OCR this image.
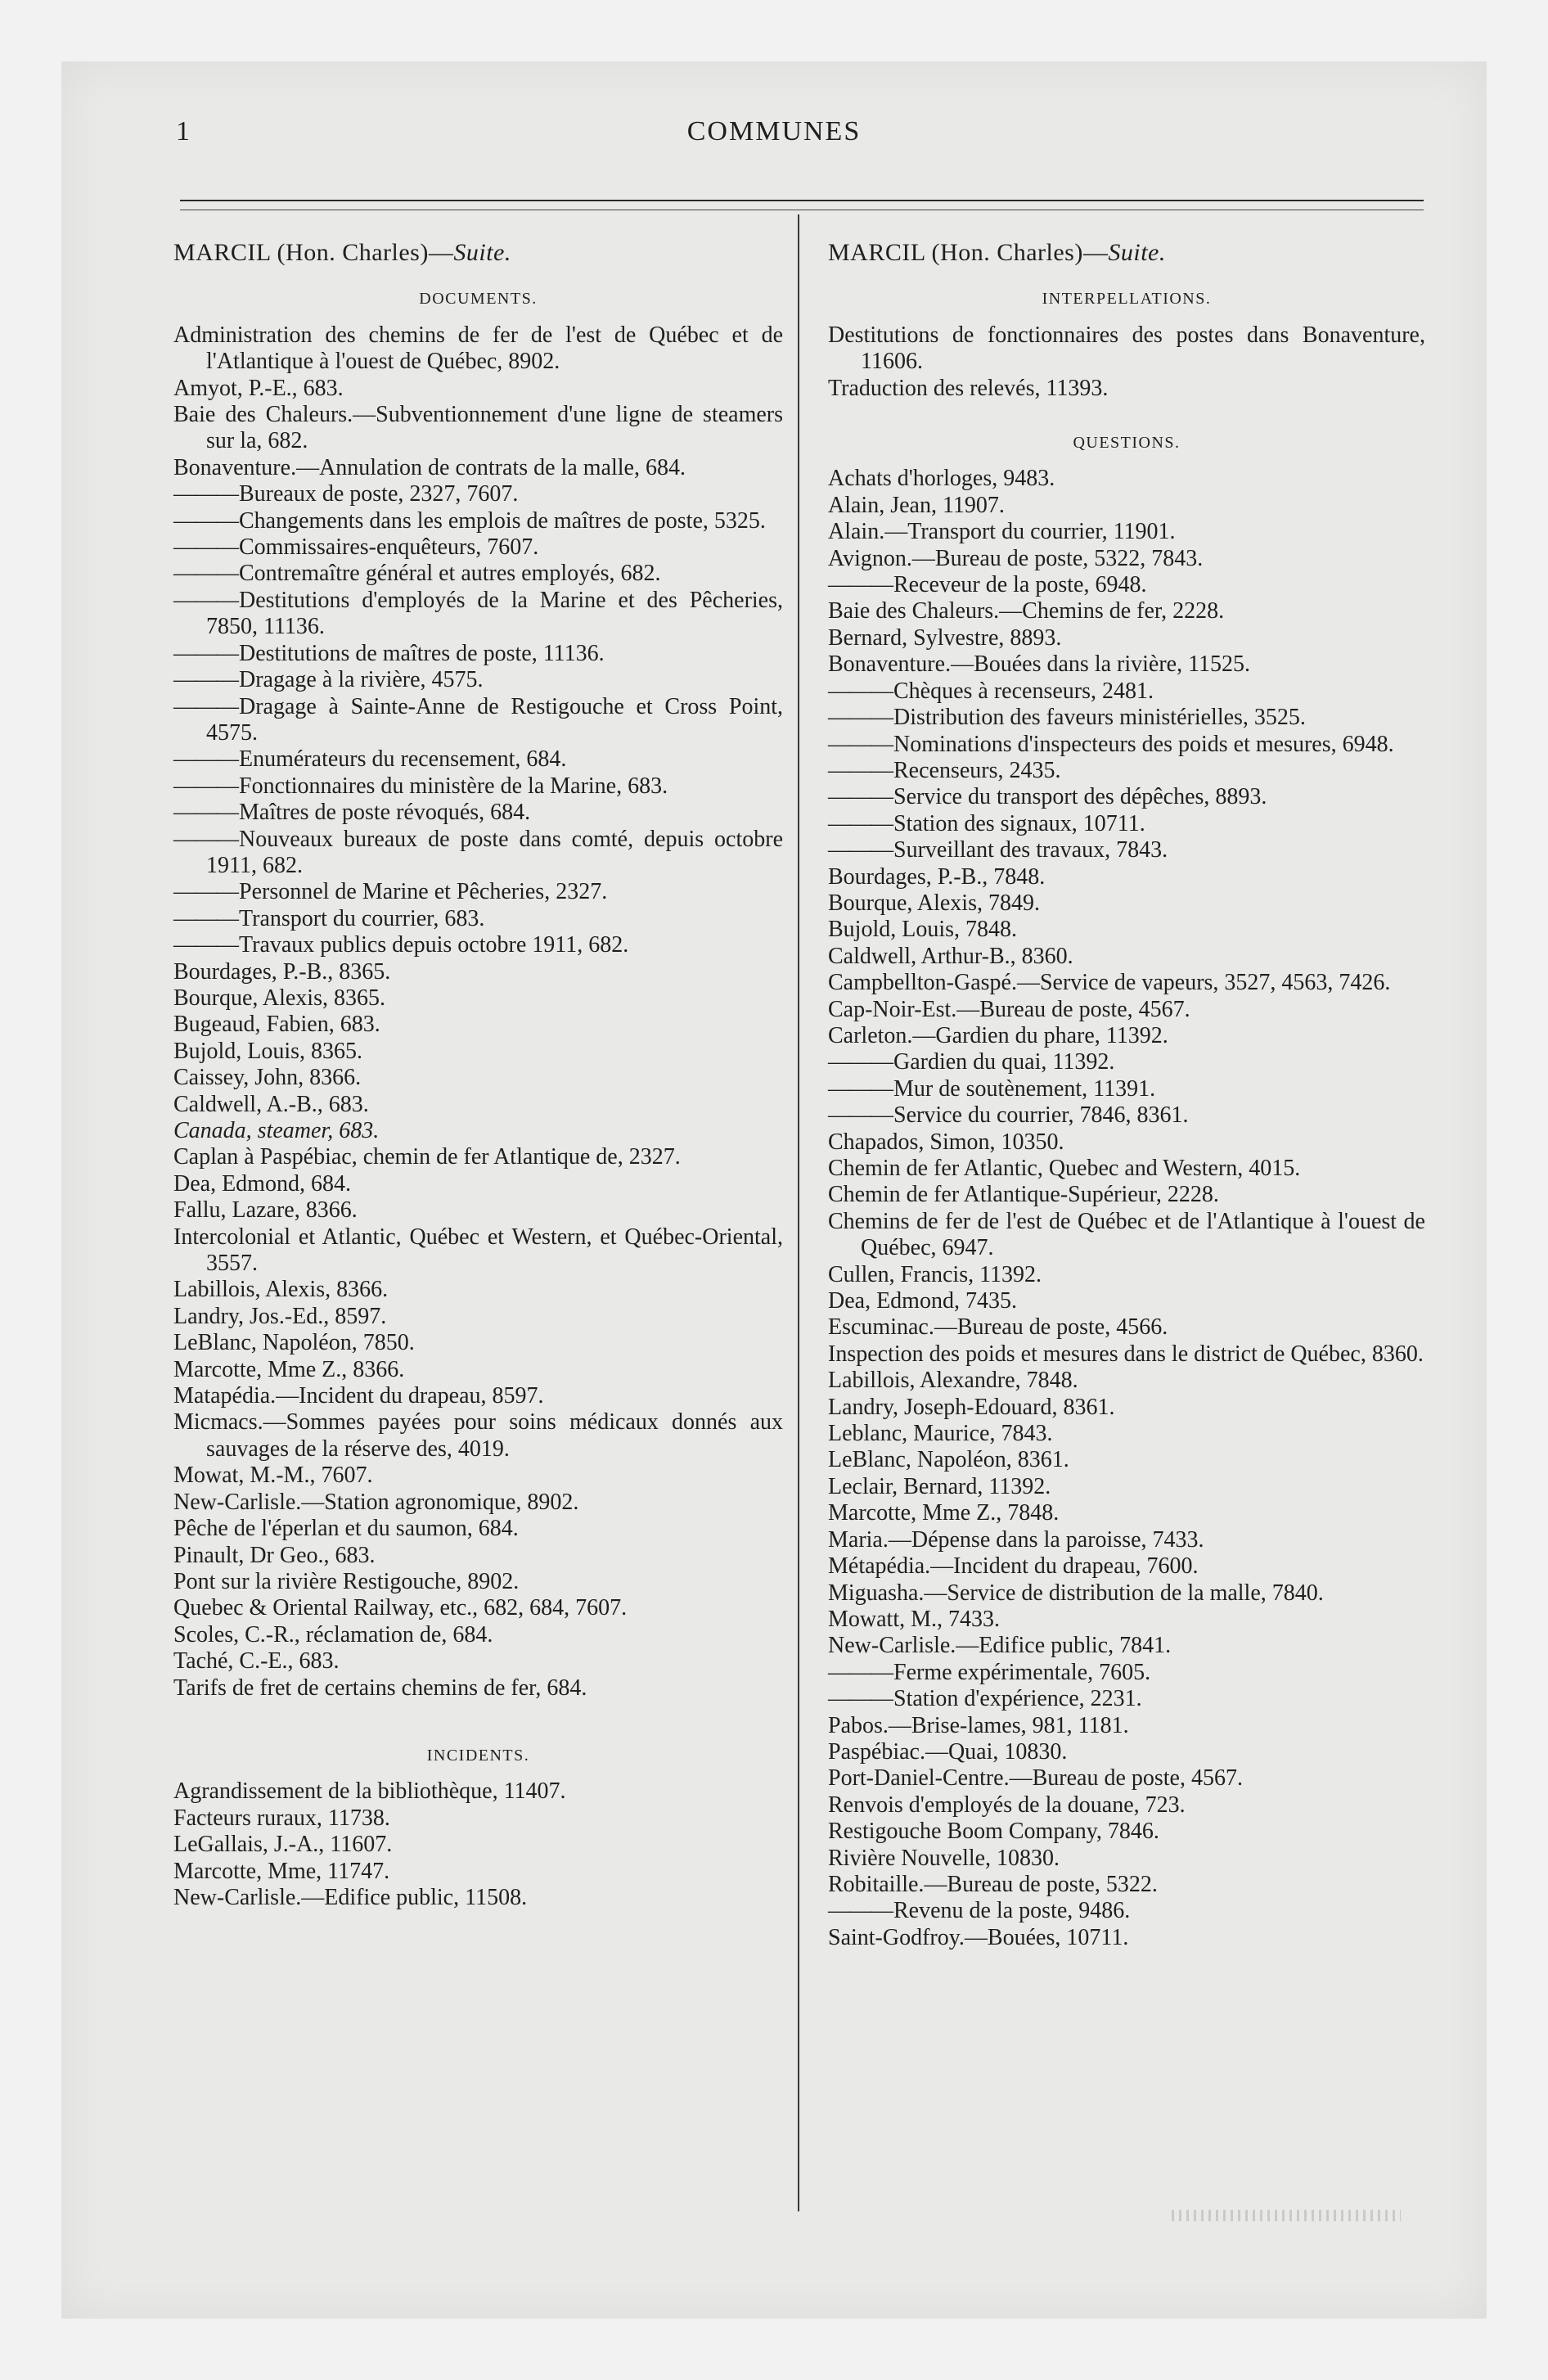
1	COMMUNES

MARCIL (Hon. Charles)—Suite.

DOCUMENTS.
Administration des chemins de fer de l'est de Québec et de l'Atlantique à l'ouest de Québec, 8902.
Amyot, P.-E., 683.
Baie des Chaleurs.—Subventionnement d'une ligne de steamers sur la, 682.
Bonaventure.—Annulation de contrats de la malle, 684.
——— Bureaux de poste, 2327, 7607.
——— Changements dans les emplois de maîtres de poste, 5325.
——— Commissaires-enquêteurs, 7607.
——— Contremaître général et autres employés, 682.
——— Destitutions d'employés de la Marine et des Pêcheries, 7850, 11136.
——— Destitutions de maîtres de poste, 11136.
——— Dragage à la rivière, 4575.
——— Dragage à Sainte-Anne de Restigouche et Cross Point, 4575.
——— Enumérateurs du recensement, 684.
——— Fonctionnaires du ministère de la Marine, 683.
——— Maîtres de poste révoqués, 684.
——— Nouveaux bureaux de poste dans comté, depuis octobre 1911, 682.
——— Personnel de Marine et Pêcheries, 2327.
——— Transport du courrier, 683.
——— Travaux publics depuis octobre 1911, 682.
Bourdages, P.-B., 8365.
Bourque, Alexis, 8365.
Bugeaud, Fabien, 683.
Bujold, Louis, 8365.
Caissey, John, 8366.
Caldwell, A.-B., 683.
Canada, steamer, 683.
Caplan à Paspébiac, chemin de fer Atlantique de, 2327.
Dea, Edmond, 684.
Fallu, Lazare, 8366.
Intercolonial et Atlantic, Québec et Western, et Québec-Oriental, 3557.
Labillois, Alexis, 8366.
Landry, Jos.-Ed., 8597.
LeBlanc, Napoléon, 7850.
Marcotte, Mme Z., 8366.
Matapédia.—Incident du drapeau, 8597.
Micmacs.—Sommes payées pour soins médicaux donnés aux sauvages de la réserve des, 4019.
Mowat, M.-M., 7607.
New-Carlisle.—Station agronomique, 8902.
Pêche de l'éperlan et du saumon, 684.
Pinault, Dr Geo., 683.
Pont sur la rivière Restigouche, 8902.
Quebec & Oriental Railway, etc., 682, 684, 7607.
Scoles, C.-R., réclamation de, 684.
Taché, C.-E., 683.
Tarifs de fret de certains chemins de fer, 684.
INCIDENTS.
Agrandissement de la bibliothèque, 11407.
Facteurs ruraux, 11738.
LeGallais, J.-A., 11607.
Marcotte, Mme, 11747.
New-Carlisle.—Edifice public, 11508.

MARCIL (Hon. Charles)—Suite.

INTERPELLATIONS.
Destitutions de fonctionnaires des postes dans Bonaventure, 11606.
Traduction des relevés, 11393.
QUESTIONS.
Achats d'horloges, 9483.
Alain, Jean, 11907.
Alain.—Transport du courrier, 11901.
Avignon.—Bureau de poste, 5322, 7843.
——— Receveur de la poste, 6948.
Baie des Chaleurs.—Chemins de fer, 2228.
Bernard, Sylvestre, 8893.
Bonaventure.—Bouées dans la rivière, 11525.
——— Chèques à recenseurs, 2481.
——— Distribution des faveurs ministérielles, 3525.
——— Nominations d'inspecteurs des poids et mesures, 6948.
——— Recenseurs, 2435.
——— Service du transport des dépêches, 8893.
——— Station des signaux, 10711.
——— Surveillant des travaux, 7843.
Bourdages, P.-B., 7848.
Bourque, Alexis, 7849.
Bujold, Louis, 7848.
Caldwell, Arthur-B., 8360.
Campbellton-Gaspé.—Service de vapeurs, 3527, 4563, 7426.
Cap-Noir-Est.—Bureau de poste, 4567.
Carleton.—Gardien du phare, 11392.
——— Gardien du quai, 11392.
——— Mur de soutènement, 11391.
——— Service du courrier, 7846, 8361.
Chapados, Simon, 10350.
Chemin de fer Atlantic, Quebec and Western, 4015.
Chemin de fer Atlantique-Supérieur, 2228.
Chemins de fer de l'est de Québec et de l'Atlantique à l'ouest de Québec, 6947.
Cullen, Francis, 11392.
Dea, Edmond, 7435.
Escuminac.—Bureau de poste, 4566.
Inspection des poids et mesures dans le district de Québec, 8360.
Labillois, Alexandre, 7848.
Landry, Joseph-Edouard, 8361.
Leblanc, Maurice, 7843.
LeBlanc, Napoléon, 8361.
Leclair, Bernard, 11392.
Marcotte, Mme Z., 7848.
Maria.—Dépense dans la paroisse, 7433.
Métapédia.—Incident du drapeau, 7600.
Miguasha.—Service de distribution de la malle, 7840.
Mowatt, M., 7433.
New-Carlisle.—Edifice public, 7841.
——— Ferme expérimentale, 7605.
——— Station d'expérience, 2231.
Pabos.—Brise-lames, 981, 1181.
Paspébiac.—Quai, 10830.
Port-Daniel-Centre.—Bureau de poste, 4567.
Renvois d'employés de la douane, 723.
Restigouche Boom Company, 7846.
Rivière Nouvelle, 10830.
Robitaille.—Bureau de poste, 5322.
——— Revenu de la poste, 9486.
Saint-Godfroy.—Bouées, 10711.
